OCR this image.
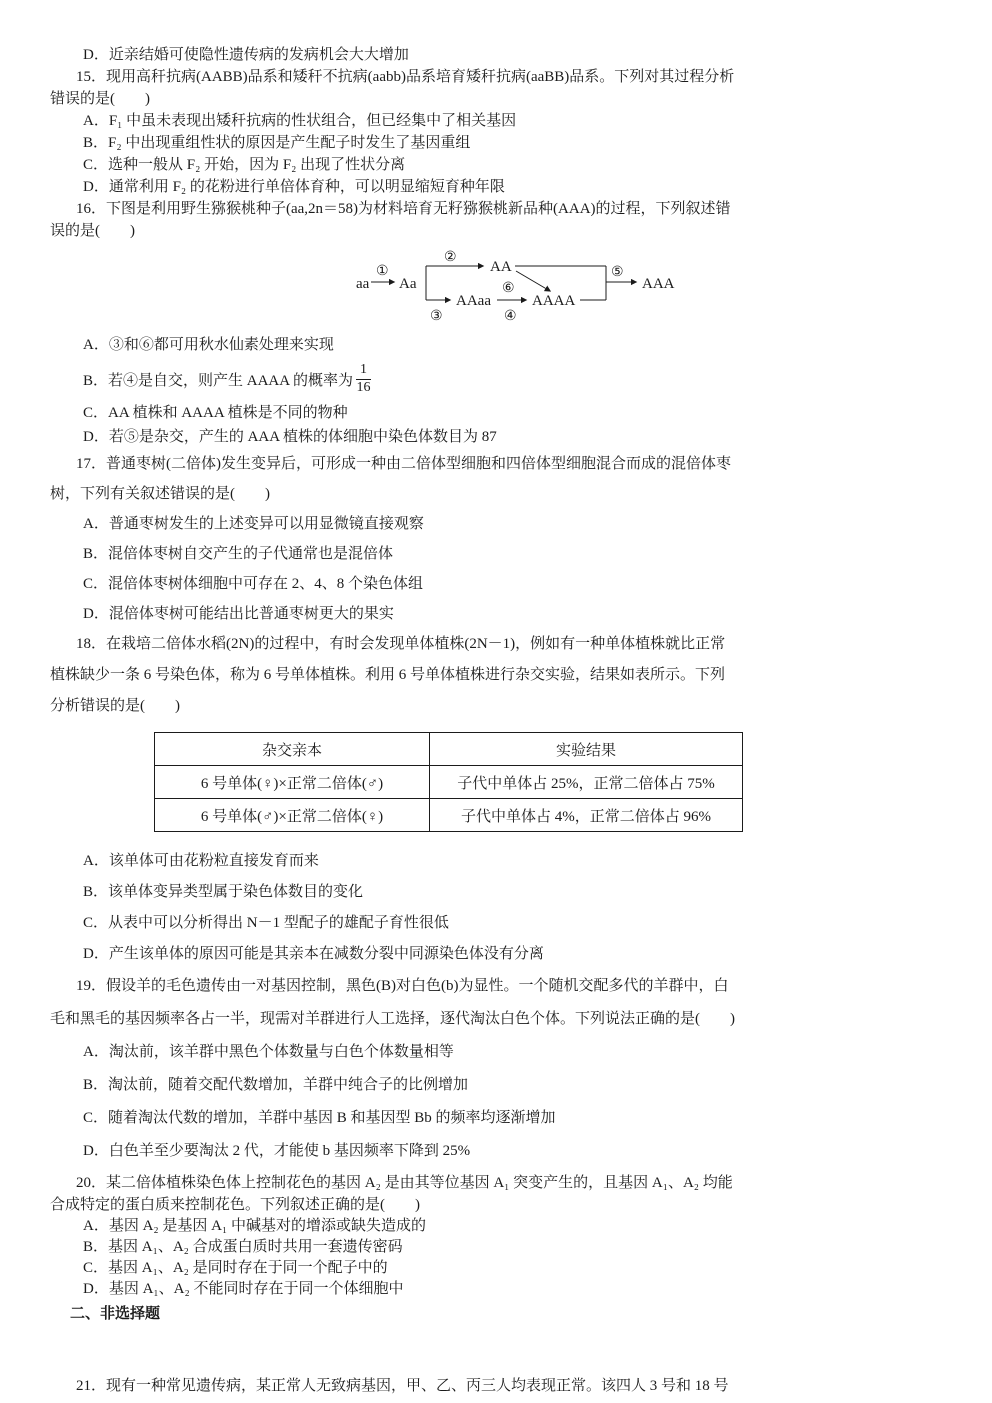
D．近亲结婚可使隐性遗传病的发病机会大大增加
15．现用高秆抗病(AABB)品系和矮秆不抗病(aabb)品系培育矮秆抗病(aaBB)品系。下列对其过程分析
错误的是(　　)
A．F₁ 中虽未表现出矮秆抗病的性状组合，但已经集中了相关基因
B．F₂ 中出现重组性状的原因是产生配子时发生了基因重组
C．选种一般从 F₂ 开始，因为 F₂ 出现了性状分离
D．通常利用 F₂ 的花粉进行单倍体育种，可以明显缩短育种年限
16．下图是利用野生猕猴桃种子(aa,2n＝58)为材料培育无籽猕猴桃新品种(AAA)的过程，下列叙述错
误的是(　　)
aa Aa
AA
AAaa	AAAA
AAA
①
②
③	④
⑤
⑥
A．③和⑥都可用秋水仙素处理来实现
B．若④是自交，则产生 AAAA 的概率为 $\frac{1}{16}$
C．AA 植株和 AAAA 植株是不同的物种
D．若⑤是杂交，产生的 AAA 植株的体细胞中染色体数目为 87
17．普通枣树(二倍体)发生变异后，可形成一种由二倍体型细胞和四倍体型细胞混合而成的混倍体枣
树，下列有关叙述错误的是(　　)
A．普通枣树发生的上述变异可以用显微镜直接观察
B．混倍体枣树自交产生的子代通常也是混倍体
C．混倍体枣树体细胞中可存在 2、4、8 个染色体组
D．混倍体枣树可能结出比普通枣树更大的果实
18．在栽培二倍体水稻(2N)的过程中，有时会发现单体植株(2N－1)，例如有一种单体植株就比正常
植株缺少一条 6 号染色体，称为 6 号单体植株。利用 6 号单体植株进行杂交实验，结果如表所示。下列
分析错误的是(　　)
杂交亲本	实验结果
6 号单体(♀)×正常二倍体(♂)	子代中单体占 25%，正常二倍体占 75%
6 号单体(♂)×正常二倍体(♀)	子代中单体占 4%，正常二倍体占 96%
A．该单体可由花粉粒直接发育而来
B．该单体变异类型属于染色体数目的变化
C．从表中可以分析得出 N－1 型配子的雄配子育性很低
D．产生该单体的原因可能是其亲本在减数分裂中同源染色体没有分离
19．假设羊的毛色遗传由一对基因控制，黑色(B)对白色(b)为显性。一个随机交配多代的羊群中，白
毛和黑毛的基因频率各占一半，现需对羊群进行人工选择，逐代淘汰白色个体。下列说法正确的是(　　)
A．淘汰前，该羊群中黑色个体数量与白色个体数量相等
B．淘汰前，随着交配代数增加，羊群中纯合子的比例增加
C．随着淘汰代数的增加，羊群中基因 B 和基因型 Bb 的频率均逐渐增加
D．白色羊至少要淘汰 2 代，才能使 b 基因频率下降到 25%
20．某二倍体植株染色体上控制花色的基因 A₂ 是由其等位基因 A₁ 突变产生的，且基因 A₁、A₂ 均能
合成特定的蛋白质来控制花色。下列叙述正确的是(　　)
A．基因 A₂ 是基因 A₁ 中碱基对的增添或缺失造成的
B．基因 A₁、A₂ 合成蛋白质时共用一套遗传密码
C．基因 A₁、A₂ 是同时存在于同一个配子中的
D．基因 A₁、A₂ 不能同时存在于同一个体细胞中
二、非选择题
21．现有一种常见遗传病，某正常人无致病基因，甲、乙、丙三人均表现正常。该四人 3 号和 18 号
